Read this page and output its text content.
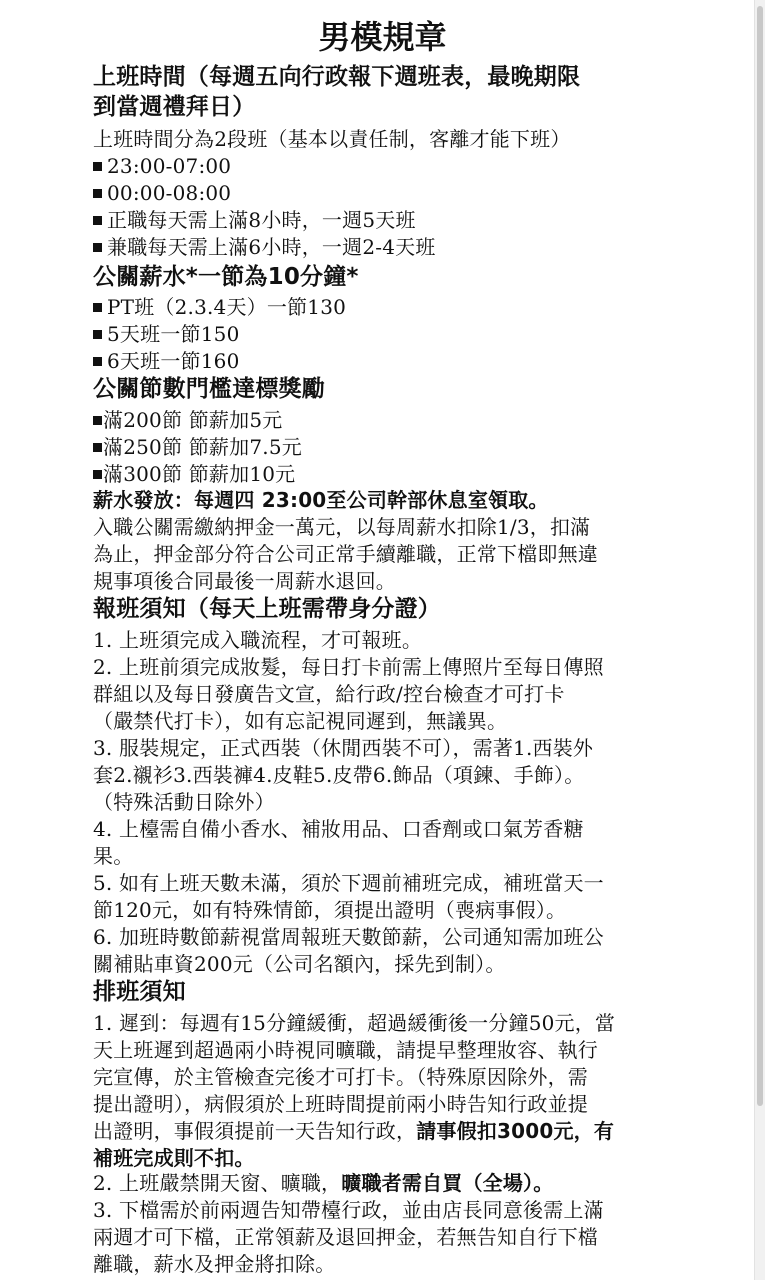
男模規章
上班時間（每週五向行政報下週班表，最晚期限
到當週禮拜日）
上班時間分為2段班（基本以責任制，客離才能下班）
23:00-07:00
00:00-08:00
正職每天需上滿8小時，一週5天班
兼職每天需上滿6小時，一週2-4天班
公關薪水*一節為10分鐘*
PT班（2.3.4天）一節130
5天班一節150
6天班一節160
公關節數門檻達標獎勵
滿200節 節薪加5元
滿250節 節薪加7.5元
滿300節 節薪加10元
薪水發放：每週四 23:00至公司幹部休息室領取。
入職公關需繳納押金一萬元，以每周薪水扣除1/3，扣滿
為止，押金部分符合公司正常手續離職，正常下檔即無違
規事項後合同最後一周薪水退回。
報班須知（每天上班需帶身分證）
1. 上班須完成入職流程，才可報班。
2. 上班前須完成妝髮，每日打卡前需上傳照片至每日傳照
群組以及每日發廣告文宣，給行政/控台檢查才可打卡
（嚴禁代打卡），如有忘記視同遲到，無議異。
3. 服裝規定，正式西裝（休閒西裝不可），需著1.西裝外
套2.襯衫3.西裝褲4.皮鞋5.皮帶6.飾品（項鍊、手飾）。
（特殊活動日除外）
4. 上檯需自備小香水、補妝用品、口香劑或口氣芳香糖
果。
5. 如有上班天數未滿，須於下週前補班完成，補班當天一
節120元，如有特殊情節，須提出證明（喪病事假）。
6. 加班時數節薪視當周報班天數節薪，公司通知需加班公
關補貼車資200元（公司名額內，採先到制）。
排班須知
1. 遲到：每週有15分鐘緩衝，超過緩衝後一分鐘50元，當
天上班遲到超過兩小時視同曠職，請提早整理妝容、執行
完宣傳，於主管檢查完後才可打卡。（特殊原因除外，需
提出證明），病假須於上班時間提前兩小時告知行政並提
出證明，事假須提前一天告知行政，請事假扣3000元，有
補班完成則不扣。
2. 上班嚴禁開天窗、曠職，曠職者需自買（全場）。
3. 下檔需於前兩週告知帶檯行政，並由店長同意後需上滿
兩週才可下檔，正常領薪及退回押金，若無告知自行下檔
離職，薪水及押金將扣除。
